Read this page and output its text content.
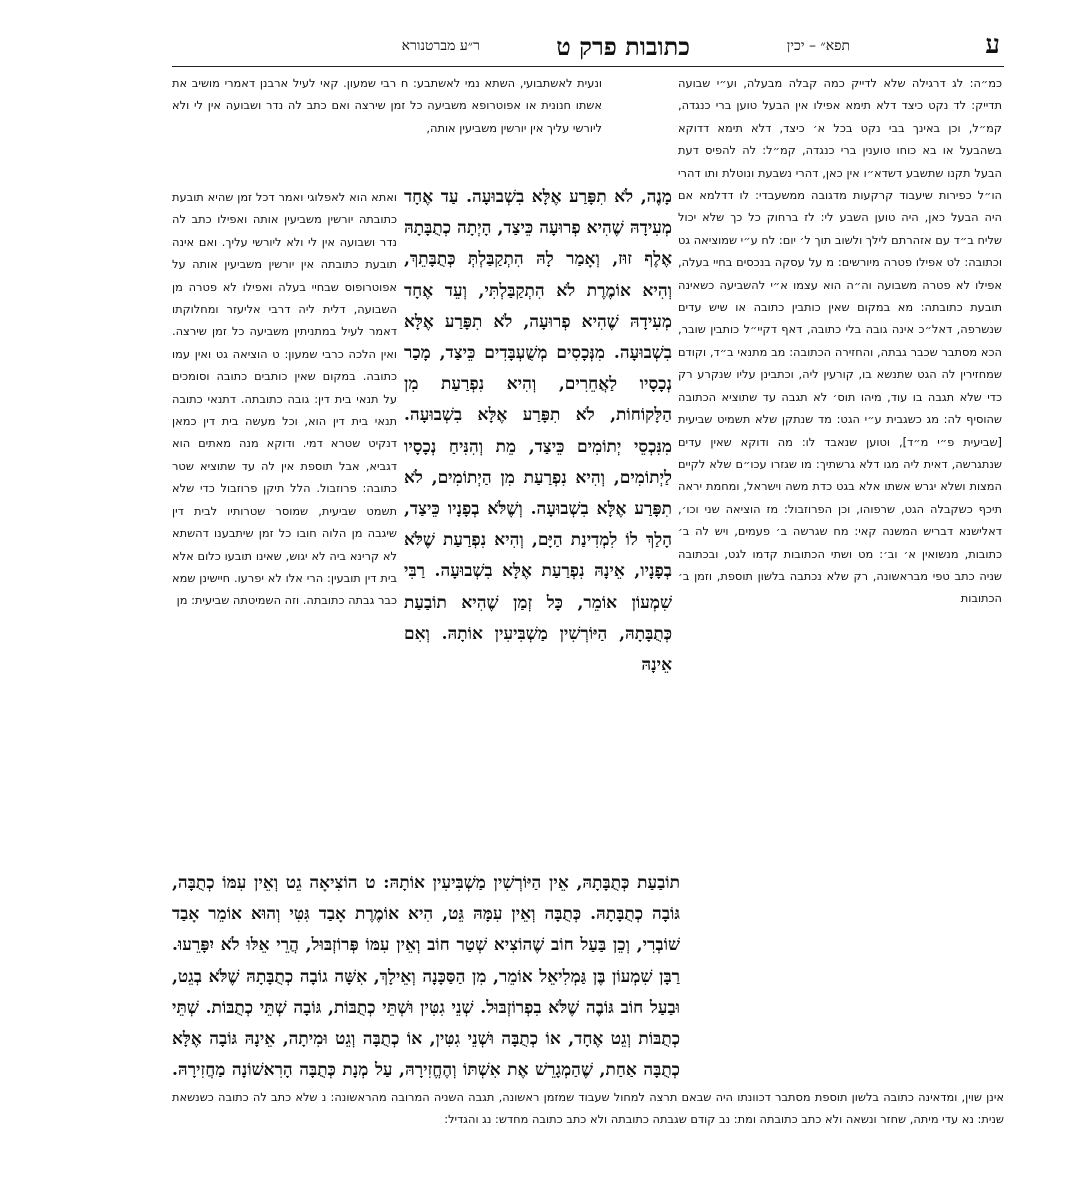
ע
תפא״ – יכין
כתובות פרק ט
ר״ע מברטנורא

כמ״ה: לג דרגילה שלא לדייק כמה קבלה מבעלה, וע״י שבועה תדייק: לד נקט כיצד דלא תימא אפילו אין הבעל טוען ברי כנגדה, קמ״ל, וכן באינך בבי נקט בכל א׳ כיצד, דלא תימא דדוקא בשהבעל או בא כוחו טוענין ברי כנגדה, קמ״ל: לה להפיס דעת הבעל תקנו שתשבע דשדא״ו אין כאן, דהרי נשבעת ונוטלת ותו דהרי הו״ל כפירות שיעבוד קרקעות מדגובה ממשעבדי: לו דדלמא אם היה הבעל כאן, היה טוען השבע לי: לז ברחוק כל כך שלא יכול שליח ב״ד עם אזהרתם לילך ולשוב תוך ל׳ יום: לח ע״י שמוציאה גט וכתובה: לט אפילו פטרה מיורשים: מ על עסקה בנכסים בחיי בעלה, אפילו לא פטרה משבועה וה״ה הוא עצמו א״י להשביעה כשאינה תובעת כתובתה: מא במקום שאין כותבין כתובה או שיש עדים שנשרפה, דאל״כ אינה גובה בלי כתובה, דאף דקיי״ל כותבין שובר, הכא מסתבר שכבר גבתה, והחזירה הכתובה: מב מתנאי ב״ד, וקודם שמחזירין לה הגט שתנשא בו, קורעין ליה, וכתבינן עליו שנקרע רק כדי שלא תגבה בו עוד, מיהו תוס׳ לא תגבה עד שתוציא הכתובה שהוסיף לה: מג כשגבית ע״י הגט: מד שנתקן שלא תשמיט שביעית [שביעית פ״י מ״ד], וטוען שנאבד לו: מה ודוקא שאין עדים שנתגרשה, דאית ליה מגו דלא גרשתיך: מו שגזרו עכו״ם שלא לקיים המצות ושלא יגרש אשתו אלא בגט כדת משה וישראל, ומחמת יראה תיכף כשקבלה הגט, שרפוהו, וכן הפרוזבול: מז הוציאה שני וכו׳, דאלישנא דבריש המשנה קאי: מח שגרשה ב׳ פעמים, ויש לה ב׳ כתובות, מנשואין א׳ וב׳: מט ושתי הכתובות קדמו לגט, ובכתובה שניה כתב טפי מבראשונה, רק שלא נכתבה בלשון תוספת, וזמן ב׳ הכתובות

ונעית לאשתבועי, השתא נמי לאשתבע: ח רבי שמעון. קאי לעיל ארבנן דאמרי מושיב את אשתו חנונית או אפוטרופא משביעה כל זמן שירצה ואם כתב לה נדר ושבועה אין לי ולא ליורשי עליך אין יורשין משביעין אותה,

ואתא הוא לאפלוגי ואמר דכל זמן שהיא תובעת כתובתה יורשין משביעין אותה ואפילו כתב לה נדר ושבועה אין לי ולא ליורשי עליך. ואם אינה תובעת כתובתה אין יורשין משביעין אותה על אפוטרופוס שבחיי בעלה ואפילו לא פטרה מן השבועה, דלית ליה דרבי אליעזר ומחלוקתו דאמר לעיל במתניתין משביעה כל זמן שירצה. ואין הלכה כרבי שמעון: ט הוציאה גט ואין עמו כתובה. במקום שאין כותבים כתובה וסומכים על תנאי בית דין: גובה כתובתה. דתנאי כתובה תנאי בית דין הוא, וכל מעשה בית דין כמאן דנקיט שטרא דמי. ודוקא מנה מאתים הוא דגביא, אבל תוספת אין לה עד שתוציא שטר כתובה: פרוזבול. הלל תיקן פרוזבול כדי שלא תשמט שביעית, שמוסר שטרותיו לבית דין שיגבה מן הלוה חובו כל זמן שיתבענו דהשתא לא קרינא ביה לא יגוש, שאינו תובעו כלום אלא בית דין תובעין: הרי אלו לא יפרעו. חיישינן שמא כבר גבתה כתובתה. וזה השמיטתה שביעית: מן

מָנֶה, לֹא תִפָּרַע אֶלָּא בִשְׁבוּעָה. עַד אֶחָד מְעִידָהּ שֶׁהִיא פְרוּעָה כֵּיצַד, הָיְתָה כְתֻבָּתָהּ אֶלֶף זוּז, וְאָמַר לָהּ הִתְקַבַּלְתְּ כְּתֻבָּתֵךְ, וְהִיא אוֹמֶרֶת לֹא הִתְקַבַּלְתִּי, וְעֵד אֶחָד מְעִידָהּ שֶׁהִיא פְרוּעָה, לֹא תִפָּרַע אֶלָּא בִשְׁבוּעָה. מִנְּכָסִים מְשֻׁעְבָּדִים כֵּיצַד, מָכַר נְכָסָיו לַאֲחֵרִים, וְהִיא נִפְרַעַת מִן הַלָּקוֹחוֹת, לֹא תִפָּרַע אֶלָּא בִשְׁבוּעָה. מִנִּכְסֵי יְתוֹמִים כֵּיצַד, מֵת וְהִנִּיחַ נְכָסָיו לַיְתוֹמִים, וְהִיא נִפְרַעַת מִן הַיְתוֹמִים, לֹא תִפָּרַע אֶלָּא בִשְׁבוּעָה. וְשֶׁלֹּא בְפָנָיו כֵּיצַד, הָלַךְ לוֹ לִמְדִינַת הַיָּם, וְהִיא נִפְרַעַת שֶׁלֹּא בְפָנָיו, אֵינָהּ נִפְרַעַת אֶלָּא בִשְׁבוּעָה. רַבִּי שִׁמְעוֹן אוֹמֵר, כָּל זְמַן שֶׁהִיא תוֹבַעַת כְּתֻבָּתָהּ, הַיּוֹרְשִׁין מַשְׁבִּיעִין אוֹתָהּ. וְאִם אֵינָהּ

תוֹבַעַת כְּתֻבָּתָהּ, אֵין הַיּוֹרְשִׁין מַשְׁבִּיעִין אוֹתָהּ: ט הוֹצִיאָה גֵט וְאֵין עִמּוֹ כְתֻבָּה, גּוֹבָה כְתֻבָּתָהּ. כְּתֻבָּה וְאֵין עִמָּהּ גֵּט, הִיא אוֹמֶרֶת אָבַד גִּטִּי וְהוּא אוֹמֵר אָבַד שׁוֹבְרִי, וְכֵן בַּעַל חוֹב שֶׁהוֹצִיא שְׁטַר חוֹב וְאֵין עִמּוֹ פְּרוֹזְבּוּל, הֲרֵי אֵלּוּ לֹא יִפָּרֵעוּ. רַבָּן שִׁמְעוֹן בֶּן גַּמְלִיאֵל אוֹמֵר, מִן הַסַּכָּנָה וְאֵילָךְ, אִשָּׁה גוֹבָה כְתֻבָּתָהּ שֶׁלֹּא בְגֵט, וּבַעַל חוֹב גּוֹבֶה שֶׁלֹּא בִפְרוֹזְבּוּל. שְׁנֵי גִטִּין וּשְׁתֵּי כְתֻבּוֹת, גּוֹבָה שְׁתֵּי כְתֻבּוֹת. שְׁתֵּי כְתֻבּוֹת וְגֵט אֶחָד, אוֹ כְתֻבָּה וּשְׁנֵי גִטִּין, אוֹ כְתֻבָּה וְגֵט וּמִיתָה, אֵינָהּ גּוֹבָה אֶלָּא כְתֻבָּה אַחַת, שֶׁהַמְגָרֵשׁ אֶת אִשְׁתּוֹ וְהֶחֱזִירָהּ, עַל מְנָת כְּתֻבָּה הָרִאשׁוֹנָה מַחֲזִירָהּ.

אינן שוין, ומדאינה כתובה בלשון תוספת מסתבר דכוונתו היה שבאם תרצה למחול שעבוד שמזמן ראשונה, תגבה השניה המרובה מהראשונה: נ שלא כתב לה כתובה כשנשאת שנית: נא עדי מיתה, שחזר ונשאה ולא כתב כתובתה ומת: נב קודם שגבתה כתובתה ולא כתב כתובה מחדש: נג והגדיל:
